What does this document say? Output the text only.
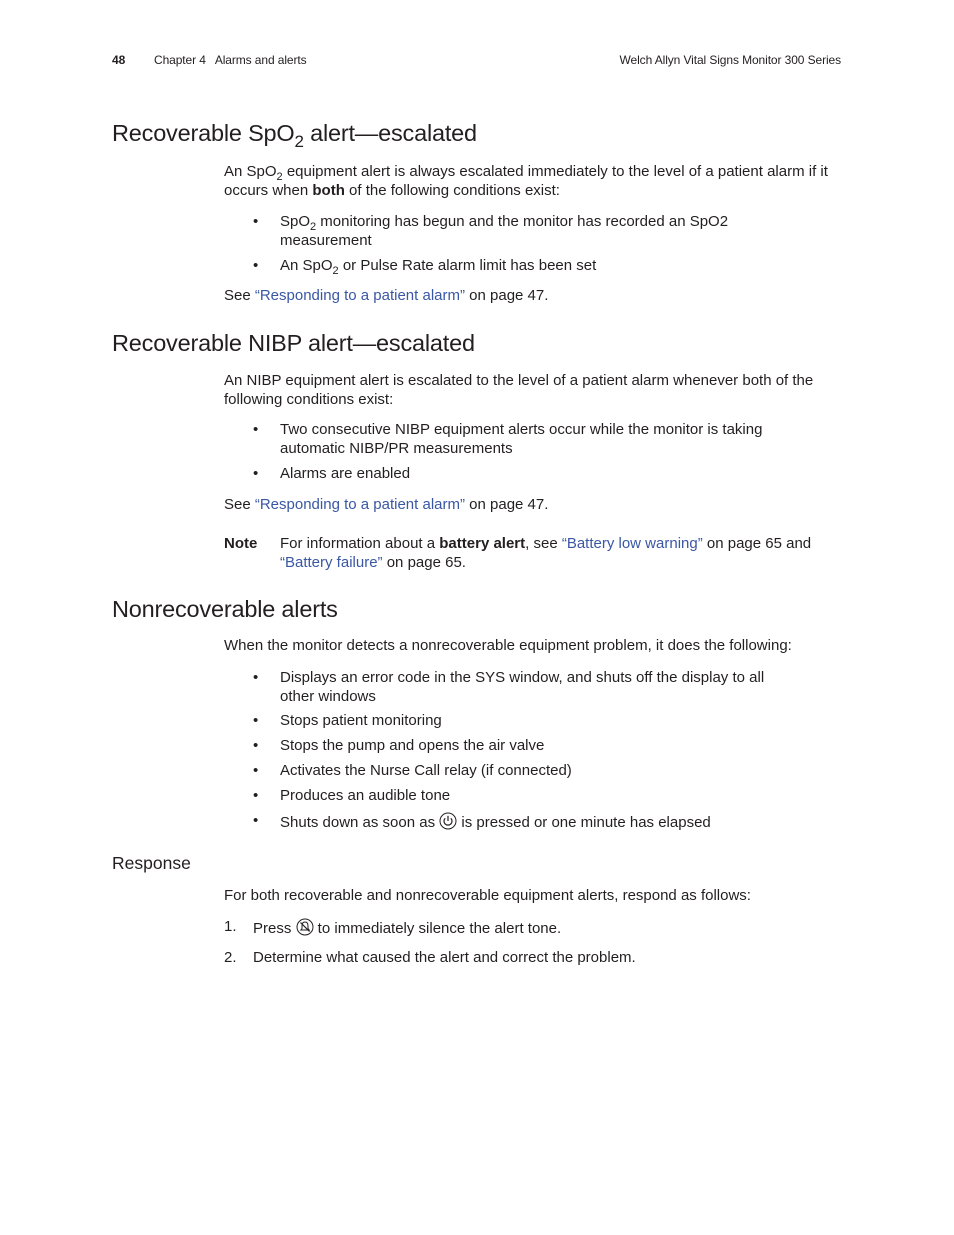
48 Chapter 4   Alarms and alerts	Welch Allyn Vital Signs Monitor 300 Series
Recoverable SpO$_2$ alert—escalated

An SpO$_2$ equipment alert is always escalated immediately to the level of a patient alarm if it occurs when both of the following conditions exist:

• SpO$_2$ monitoring has begun and the monitor has recorded an SpO2 measurement
• An SpO$_2$ or Pulse Rate alarm limit has been set

See “Responding to a patient alarm” on page 47.

Recoverable NIBP alert—escalated

An NIBP equipment alert is escalated to the level of a patient alarm whenever both of the following conditions exist:

• Two consecutive NIBP equipment alerts occur while the monitor is taking automatic NIBP/PR measurements
• Alarms are enabled

See “Responding to a patient alarm” on page 47.

Note For information about a battery alert, see “Battery low warning” on page 65 and “Battery failure” on page 65.
Nonrecoverable alerts

When the monitor detects a nonrecoverable equipment problem, it does the following:

• Displays an error code in the SYS window, and shuts off the display to all other windows
• Stops patient monitoring
• Stops the pump and opens the air valve
• Activates the Nurse Call relay (if connected)
• Produces an audible tone
• Shuts down as soon as  is pressed or one minute has elapsed
Response

For both recoverable and nonrecoverable equipment alerts, respond as follows:

1. Press  to immediately silence the alert tone.
2. Determine what caused the alert and correct the problem.
